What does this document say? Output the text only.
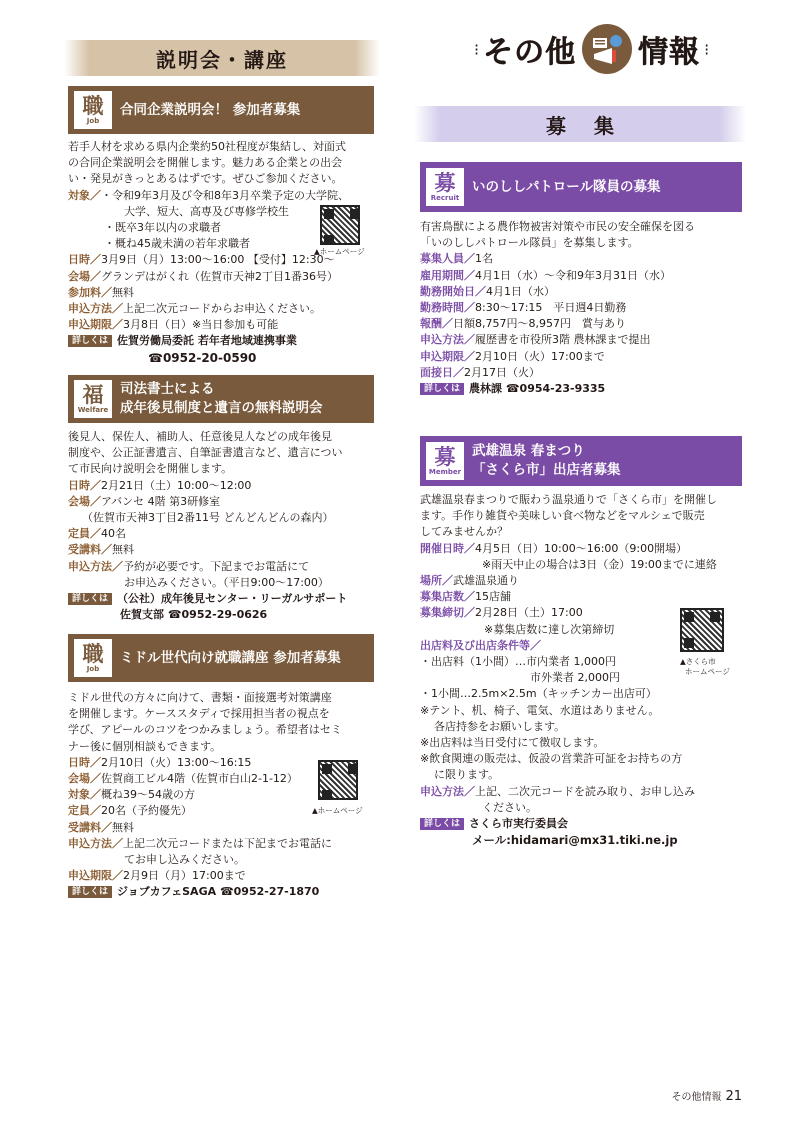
⁝ その他 情報 ⁝
説明会・講座
職
Job
合同企業説明会！ 参加者募集
若手人材を求める県内企業約50社程度が集結し、対面式
の合同企業説明会を開催します。魅力ある企業との出会
い・発見がきっとあるはずです。ぜひご参加ください。
対象／・令和9年3月及び令和8年3月卒業予定の大学院、
大学、短大、高専及び専修学校生
・既卒3年以内の求職者
・概ね45歳未満の若年求職者
日時／3月9日（月）13:00～16:00 【受付】12:30～
会場／グランデはがくれ（佐賀市天神2丁目1番36号）
参加料／無料
申込方法／上記二次元コードからお申込ください。
申込期限／3月8日（日）※当日参加も可能
詳しくは 佐賀労働局委託 若年者地域連携事業
☎0952-20-0590
▲ホームページ
福
Welfare
司法書士による
成年後見制度と遺言の無料説明会
後見人、保佐人、補助人、任意後見人などの成年後見
制度や、公正証書遺言、自筆証書遺言など、遺言につい
て市民向け説明会を開催します。
日時／2月21日（土）10:00～12:00
会場／アバンセ 4階 第3研修室
（佐賀市天神3丁目2番11号 どんどんどんの森内）
定員／40名
受講料／無料
申込方法／予約が必要です。下記までお電話にて
お申込みください。（平日9:00～17:00）
詳しくは （公社）成年後見センター・リーガルサポート
佐賀支部 ☎0952-29-0626
職
Job
ミドル世代向け就職講座 参加者募集
ミドル世代の方々に向けて、書類・面接選考対策講座
を開催します。ケーススタディで採用担当者の視点を
学び、アピールのコツをつかみましょう。希望者はセミ
ナー後に個別相談もできます。
日時／2月10日（火）13:00～16:15
会場／佐賀商工ビル4階（佐賀市白山2-1-12）
対象／概ね39～54歳の方
定員／20名（予約優先）
受講料／無料
申込方法／上記二次元コードまたは下記までお電話に
てお申し込みください。
申込期限／2月9日（月）17:00まで
詳しくは ジョブカフェSAGA ☎0952-27-1870
▲ホームページ
募集
募
Recruit
いのししパトロール隊員の募集
有害鳥獣による農作物被害対策や市民の安全確保を図る
「いのししパトロール隊員」を募集します。
募集人員／1名
雇用期間／4月1日（水）～令和9年3月31日（水）
勤務開始日／4月1日（水）
勤務時間／8:30～17:15　平日週4日勤務
報酬／日額8,757円～8,957円　賞与あり
申込方法／履歴書を市役所3階 農林課まで提出
申込期限／2月10日（火）17:00まで
面接日／2月17日（火）
詳しくは 農林課 ☎0954-23-9335
募
Member
武雄温泉 春まつり
「さくら市」出店者募集
武雄温泉春まつりで賑わう温泉通りで「さくら市」を開催し
ます。手作り雑貨や美味しい食べ物などをマルシェで販売
してみませんか？
開催日時／4月5日（日）10:00～16:00（9:00開場）
※雨天中止の場合は3日（金）19:00までに連絡
場所／武雄温泉通り
募集店数／15店舗
募集締切／2月28日（土）17:00
※募集店数に達し次第締切
出店料及び出店条件等／
・出店料（1小間）…市内業者 1,000円
市外業者 2,000円
・1小間…2.5m×2.5m（キッチンカー出店可）
※テント、机、椅子、電気、水道はありません。
各店持参をお願いします。
※出店料は当日受付にて徴収します。
※飲食関連の販売は、仮設の営業許可証をお持ちの方
に限ります。
申込方法／上記、二次元コードを読み取り、お申し込み
ください。
詳しくは さくら市実行委員会
メール:hidamari@mx31.tiki.ne.jp
▲さくら市
ホームページ
その他情報 21
